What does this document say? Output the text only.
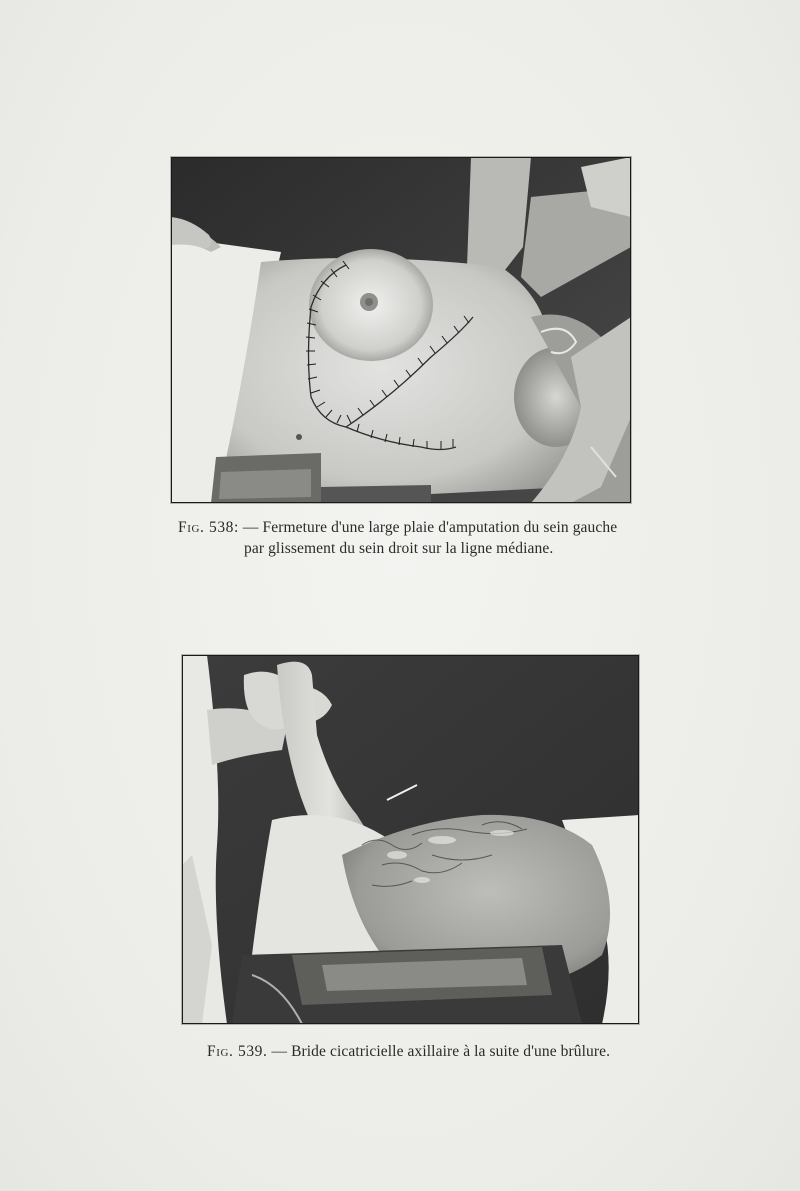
Fig. 538: — Fermeture d'une large plaie d'amputation du sein gauche
par glissement du sein droit sur la ligne médiane.
Fig. 539. — Bride cicatricielle axillaire à la suite d'une brûlure.
